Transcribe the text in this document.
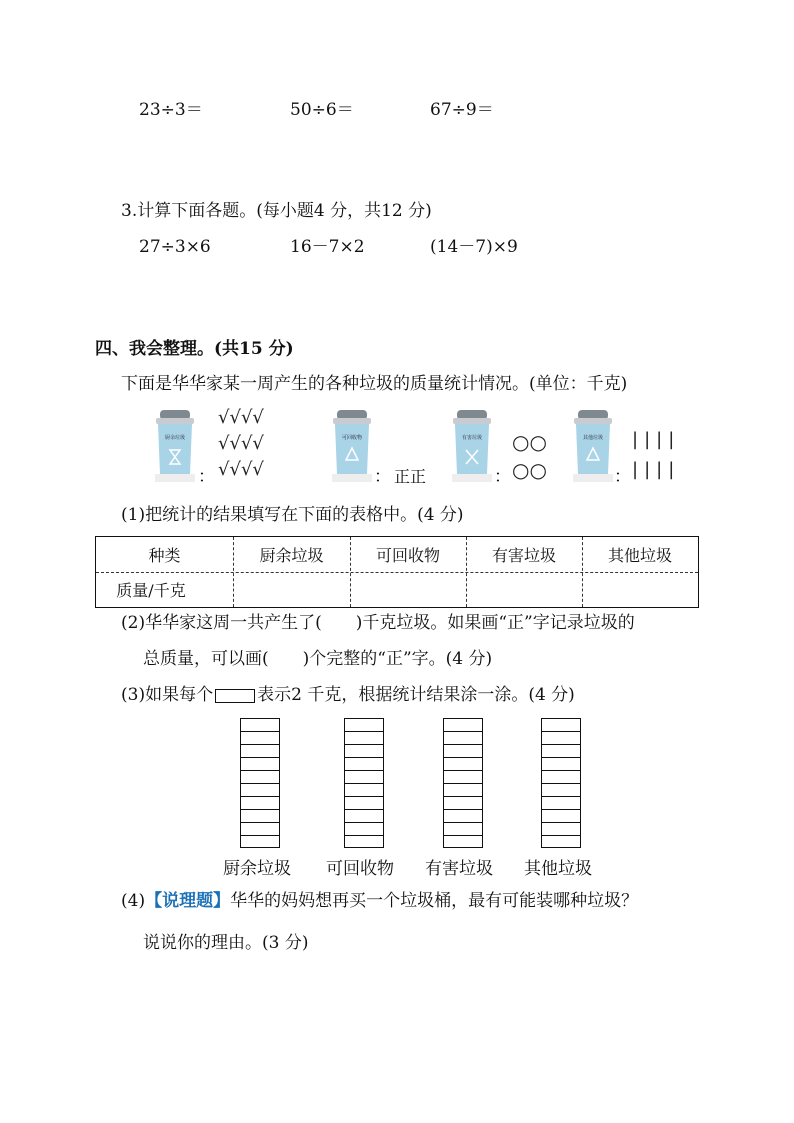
23÷3＝	50÷6＝	67÷9＝
3.计算下面各题。(每小题4 分，共12 分)
27÷3×6	16－7×2	(14－7)×9
四、我会整理。(共15 分)
下面是华华家某一周产生的各种垃圾的质量统计情况。(单位：千克)
厨余垃圾
：
√√√√
√√√√
√√√√
可回收物
： 正正
有害垃圾
：
○○
○○
其他垃圾
：
||||
||||
(1)把统计的结果填写在下面的表格中。(4 分)
种类	厨余垃圾	可回收物	有害垃圾	其他垃圾
质量/千克
(2)华华家这周一共产生了(　　)千克垃圾。如果画“正”字记录垃圾的
总质量，可以画(　　)个完整的“正”字。(4 分)
(3)如果每个	表示2 千克，根据统计结果涂一涂。(4 分)
厨余垃圾 可回收物 有害垃圾 其他垃圾
(4)【说理题】华华的妈妈想再买一个垃圾桶，最有可能装哪种垃圾？
说说你的理由。(3 分)
